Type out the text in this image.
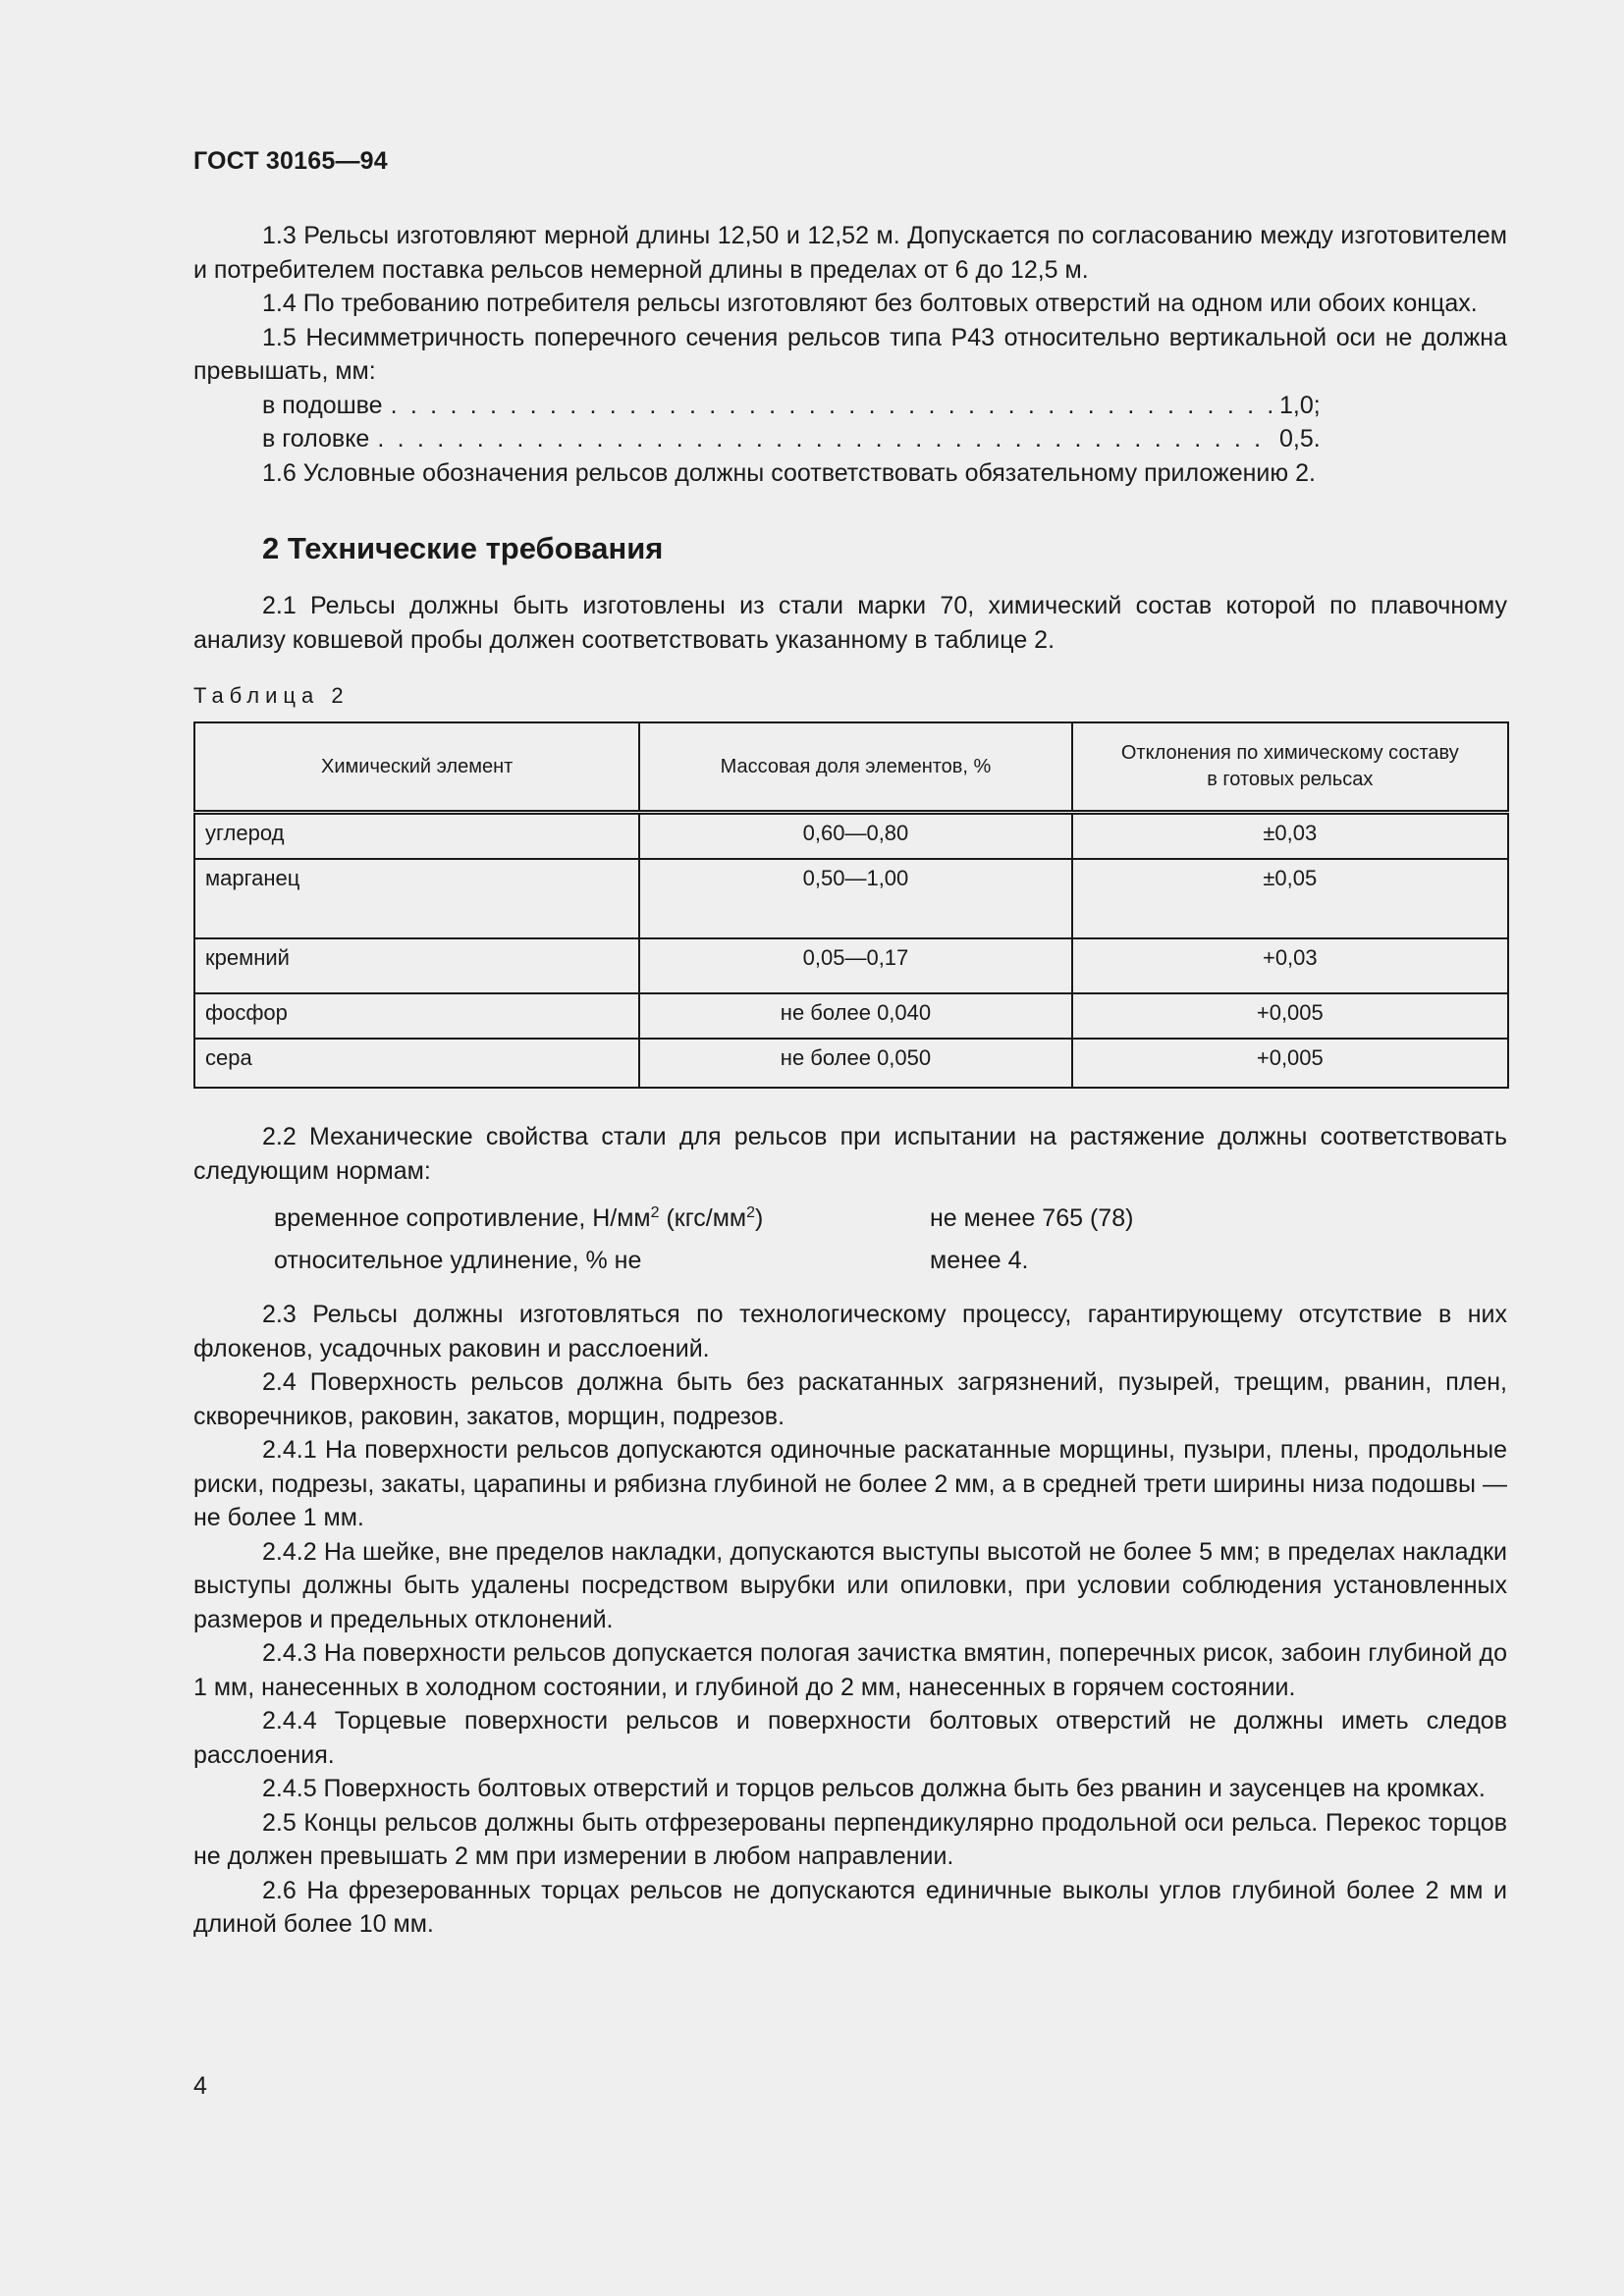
ГОСТ 30165—94

1.3 Рельсы изготовляют мерной длины 12,50 и 12,52 м. Допускается по согласованию между изготовителем и потребителем поставка рельсов немерной длины в пределах от 6 до 12,5 м.

1.4 По требованию потребителя рельсы изготовляют без болтовых отверстий на одном или обоих концах.

1.5 Несимметричность поперечного сечения рельсов типа Р43 относительно вертикальной оси не должна превышать, мм:

в подошве . . .	1,0;
в головке . . .	0,5.

1.6 Условные обозначения рельсов должны соответствовать обязательному приложению 2.

2 Технические требования

2.1 Рельсы должны быть изготовлены из стали марки 70, химический состав которой по плавочному анализу ковшевой пробы должен соответствовать указанному в таблице 2.

Таблица 2
Химический элемент	Массовая доля элементов, %	Отклонения по химическому составу
в готовых рельсах

углерод	0,60—0,80	±0,03
марганец	0,50—1,00	±0,05
кремний	0,05—0,17	+0,03
фосфор	не более 0,040	+0,005
сера	не более 0,050	+0,005

2.2 Механические свойства стали для рельсов при испытании на растяжение должны соответствовать следующим нормам:

временное сопротивление, $Н/мм^2$ $(кгс/мм^2)$	не менее 765 (78)
относительное удлинение, % не	менее 4.

2.3 Рельсы должны изготовляться по технологическому процессу, гарантирующему отсутствие в них флокенов, усадочных раковин и расслоений.

2.4 Поверхность рельсов должна быть без раскатанных загрязнений, пузырей, трещим, рванин, плен, скворечников, раковин, закатов, морщин, подрезов.

2.4.1 На поверхности рельсов допускаются одиночные раскатанные морщины, пузыри, плены, продольные риски, подрезы, закаты, царапины и рябизна глубиной не более 2 мм, а в средней трети ширины низа подошвы — не более 1 мм.

2.4.2 На шейке, вне пределов накладки, допускаются выступы высотой не более 5 мм; в пределах накладки выступы должны быть удалены посредством вырубки или опиловки, при условии соблюдения установленных размеров и предельных отклонений.

2.4.3 На поверхности рельсов допускается пологая зачистка вмятин, поперечных рисок, забоин глубиной до 1 мм, нанесенных в холодном состоянии, и глубиной до 2 мм, нанесенных в горячем состоянии.

2.4.4 Торцевые поверхности рельсов и поверхности болтовых отверстий не должны иметь следов расслоения.

2.4.5 Поверхность болтовых отверстий и торцов рельсов должна быть без рванин и заусенцев на кромках.

2.5 Концы рельсов должны быть отфрезерованы перпендикулярно продольной оси рельса. Перекос торцов не должен превышать 2 мм при измерении в любом направлении.

2.6 На фрезерованных торцах рельсов не допускаются единичные выколы углов глубиной более 2 мм и длиной более 10 мм.

4
